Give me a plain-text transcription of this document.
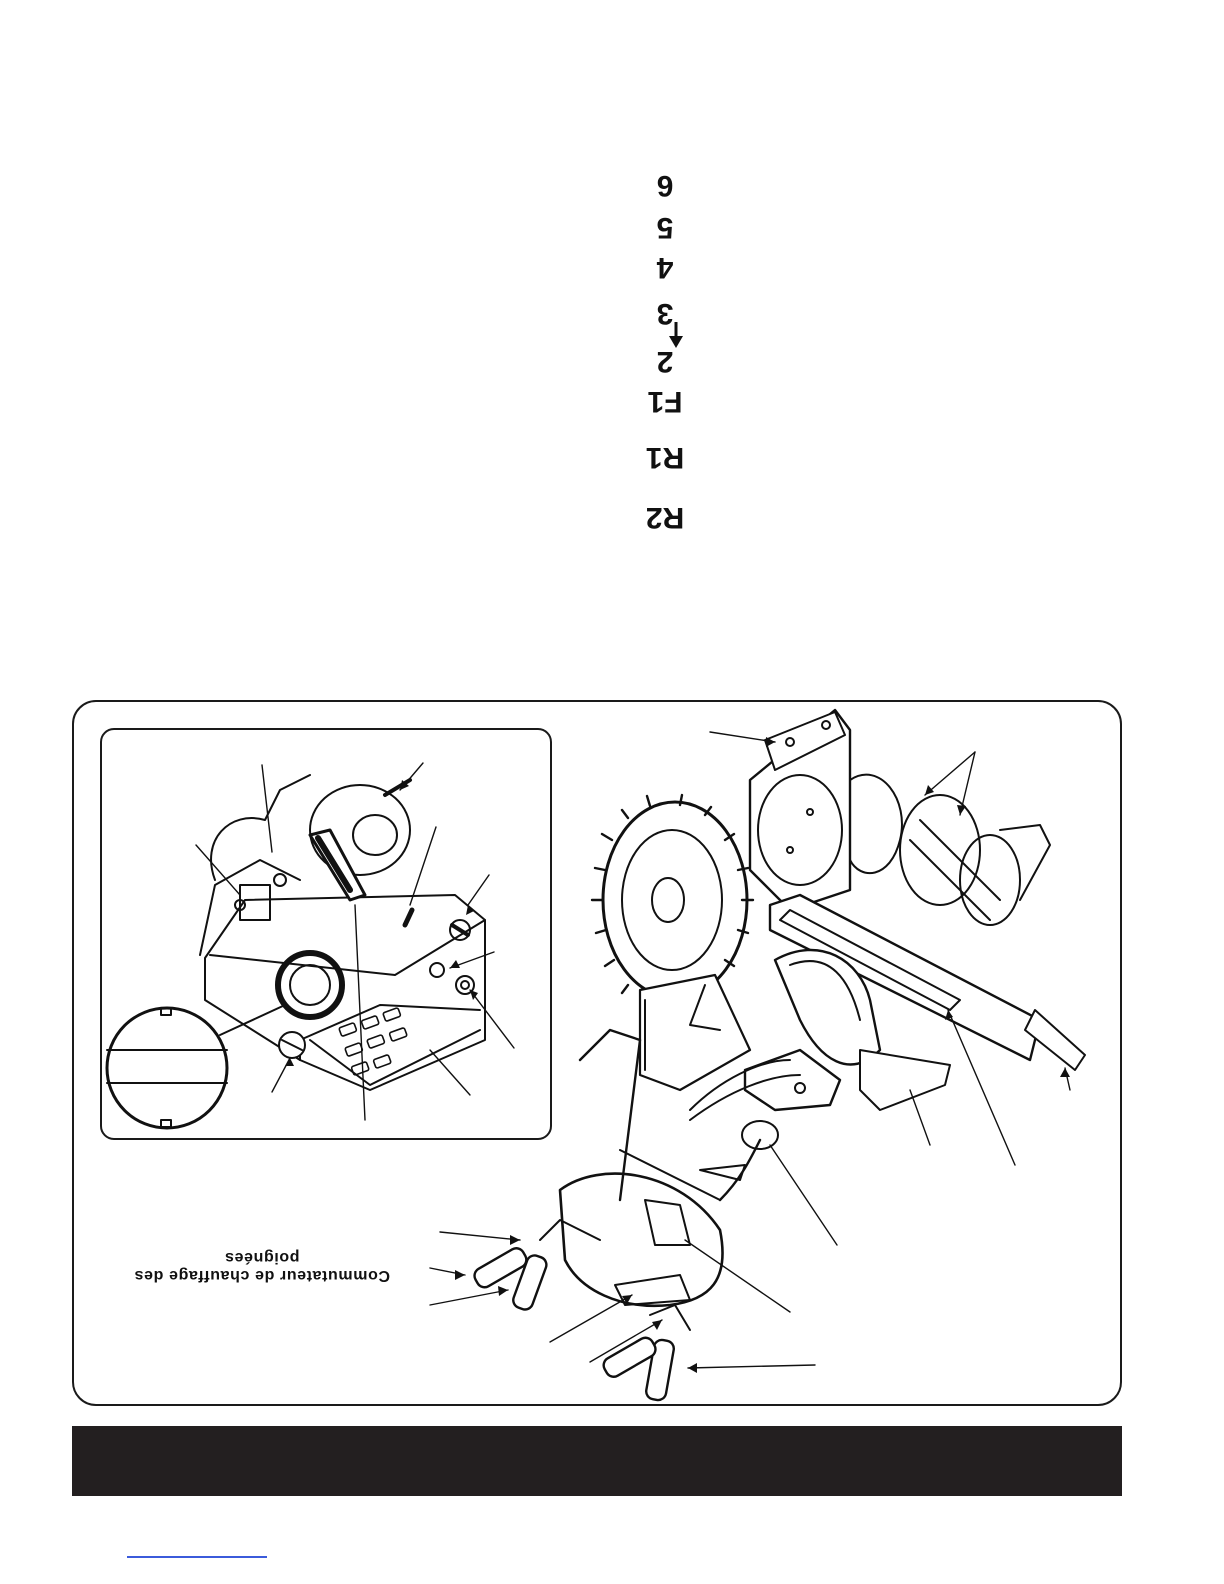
R2
R1
F1
2
3
4
5
6
Commutateur de chauffage des poignées
